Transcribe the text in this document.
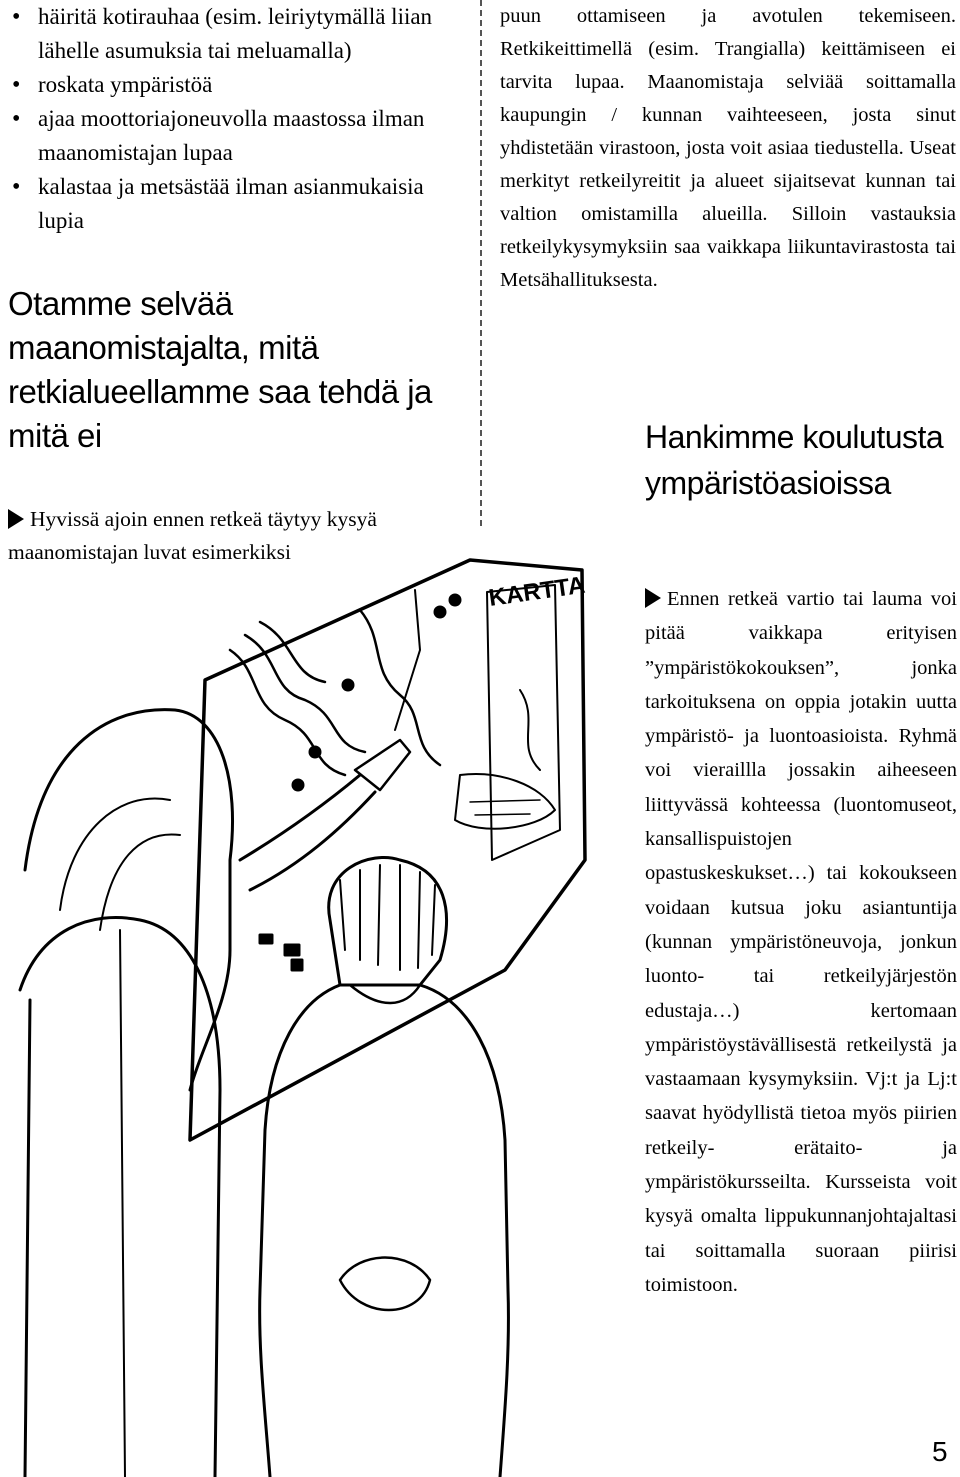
• häiritä kotirauhaa (esim. leiriytymällä liian lähelle asumuksia tai meluamalla)
• roskata ympäristöä
• ajaa moottoriajoneuvolla maastossa ilman maanomistajan lupaa
• kalastaa ja metsästää ilman asianmukaisia lupia
Otamme selvää maanomistajalta, mitä retkialueellamme saa tehdä ja mitä ei
Hyvissä ajoin ennen retkeä täytyy kysyä maanomistajan luvat esimerkiksi
puun ottamiseen ja avotulen tekemiseen. Retkikeittimellä (esim. Trangialla) keittämiseen ei tarvita lupaa. Maanomistaja selviää soittamalla kaupungin / kunnan vaihteeseen, josta sinut yhdistetään virastoon, josta voit asiaa tiedustella. Useat merkityt retkeilyreitit ja alueet sijaitsevat kunnan tai valtion omistamilla alueilla. Silloin vastauksia retkeilykysymyksiin saa vaikkapa liikuntavirastosta tai Metsähallituksesta.
Hankimme koulutusta ympäristöasioissa
Ennen retkeä vartio tai lauma voi pitää vaikkapa erityisen ”ympäristökokouksen”, jonka tarkoituksena on oppia jotakin uutta ympäristö- ja luontoasioista. Ryhmä voi vieraillla jossakin aiheeseen liittyvässä kohteessa (luontomuseot, kansallispuistojen opastuskeskukset…) tai kokoukseen voidaan kutsua joku asiantuntija (kunnan ympäristöneuvoja, jonkun luonto- tai retkeilyjärjestön edustaja…) kertomaan ympäristöystävällisestä retkeilystä ja vastaamaan kysymyksiin. Vj:t ja Lj:t saavat hyödyllistä tietoa myös piirien retkeily- erätaito- ja ympäristökursseilta. Kursseista voit kysyä omalta lippukunnanjohtajaltasi tai soittamalla suoraan piirisi toimistoon.
KARTTA
5
